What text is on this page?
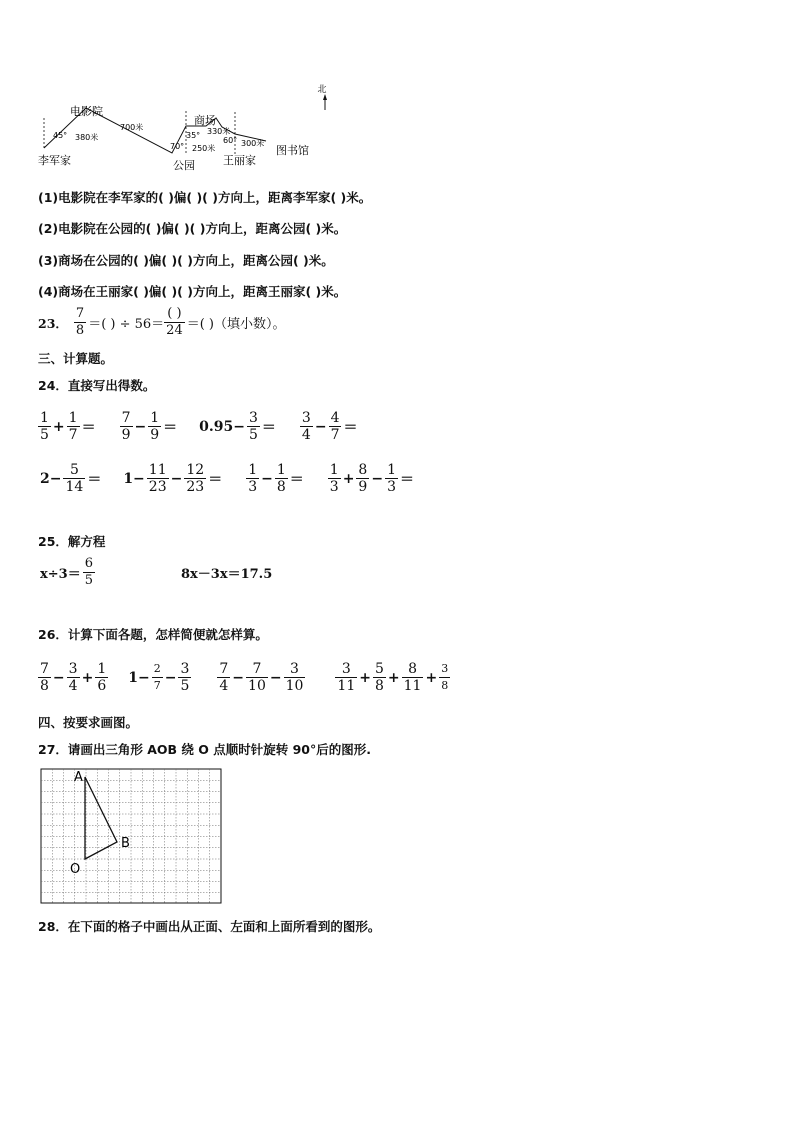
北
李军家
电影院
公园
商场
王丽家
图书馆
45°
70°
35°
60°
380米
700米
250米
330米
300米
(1)电影院在李军家的( )偏( )( )方向上，距离李军家( )米。
(2)电影院在公园的( )偏( )( )方向上，距离公园( )米。
(3)商场在公园的( )偏( )( )方向上，距离公园( )米。
(4)商场在王丽家( )偏( )( )方向上，距离王丽家( )米。
23． $\frac{7}{8}$ ＝( ) ÷ $56= \frac{( )}{24}$ ＝( )（填小数）。
三、计算题。
24．直接写出得数。
$\frac{1}{5} + \frac{1}{7} = \frac{7}{9} - \frac{1}{9} = 0.95- \frac{3}{5} = \frac{3}{4} - \frac{4}{7}$ ＝
$2- \frac{5}{14} = 1- \frac{11}{23} - \frac{12}{23} = \frac{1}{3} - \frac{1}{8} = \frac{1}{3} + \frac{8}{9} - \frac{1}{3}$ ＝
25．解方程
$x\div 3= \frac{6}{5}$	8x－3x＝17.5
26．计算下面各题，怎样简便就怎样算。
$\frac{7}{8} - \frac{3}{4} + \frac{1}{6} 1- \frac{2}{7} - \frac{3}{5} \frac{7}{4} - \frac{7}{10} - \frac{3}{10} \frac{3}{11} + \frac{5}{8} + \frac{8}{11} + \frac{3}{8}$
四、按要求画图。
27．请画出三角形 AOB 绕 O 点顺时针旋转 90°后的图形.
A
B
O
28．在下面的格子中画出从正面、左面和上面所看到的图形。
